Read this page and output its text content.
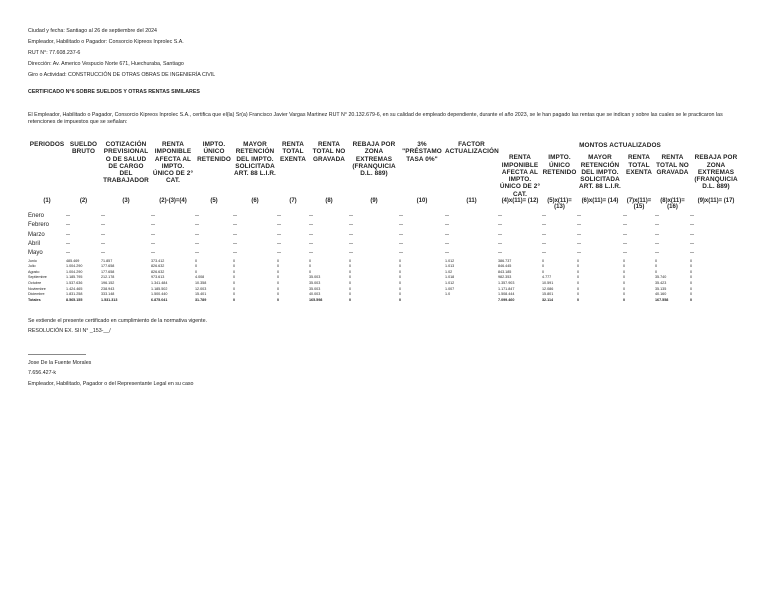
Ciudad y fecha: Santiago al 26 de septiembre del 2024
Empleador, Habilitado o Pagador: Consorcio Kipreos Inprolec S.A.
RUT N°: 77.608.237-6
Dirección: Av. Americo Vespucio Norte 671, Huechuraba, Santiago
Giro o Actividad: CONSTRUCCIÓN DE OTRAS OBRAS DE INGENIERÍA CIVIL
CERTIFICADO N°6 SOBRE SUELDOS Y OTRAS RENTAS SIMILARES
El Empleador, Habilitado o Pagador, Consorcio Kipreos Inprolec S.A., certifica que el(la) Sr(a) Francisco Javier Vargas Martinez RUT N° 20.132.679-6, en su calidad de empleado dependiente, durante el año 2023, se le han pagado las rentas que se indican y sobre las cuales se le practicaron las retenciones de impuestos que se señalan:
PERIODOS	SUELDO BRUTO	COTIZACIÓN PREVISIONAL O DE SALUD DE CARGO DEL TRABAJADOR	RENTA IMPONIBLE AFECTA AL IMPTO. ÚNICO DE 2° CAT.	IMPTO. ÚNICO RETENIDO	MAYOR RETENCIÓN DEL IMPTO. SOLICITADA ART. 88 L.I.R.	RENTA TOTAL EXENTA	RENTA TOTAL NO GRAVADA	REBAJA POR ZONA EXTREMAS (FRANQUICIA D.L. 889)	3% "PRÉSTAMO TASA 0%"	FACTOR ACTUALIZACIÓN	MONTOS ACTUALIZADOS					
											RENTA IMPONIBLE AFECTA AL IMPTO. ÚNICO DE 2° CAT.	IMPTO. ÚNICO RETENIDO	MAYOR RETENCIÓN DEL IMPTO. SOLICITADA ART. 88 L.I.R.	RENTA TOTAL EXENTA	RENTA TOTAL NO GRAVADA	REBAJA POR ZONA EXTREMAS (FRANQUICIA D.L. 889)
(1)	(2)	(3)	(2)-(3)=(4)	(5)	(6)	(7)	(8)	(9)	(10)	(11)	(4)x(11)= (12)	(5)x(11)= (13)	(6)x(11)= (14)	(7)x(11)= (15)	(8)x(11)= (16)	(9)x(11)= (17)
Enero	--	--	--	--	--	--	--	--	--	--	--	--	--	--	--	--
Febrero	--	--	--	--	--	--	--	--	--	--	--	--	--	--	--	--
Marzo	--	--	--	--	--	--	--	--	--	--	--	--	--	--	--	--
Abril	--	--	--	--	--	--	--	--	--	--	--	--	--	--	--	--
Mayo	--	--	--	--	--	--	--	--	--	--	--	--	--	--	--	--
Junio	485.469	71.857	373.412	0	0	0	0	0	0	1.012	386.737	0	0	0	0	0
Julio	1.004.290	177.658	826.632	0	0	0	0	0	0	1.013	846.445	0	0	0	0	0
Agosto	1.004.290	177.658	826.632	0	0	0	0	0	0	1.02	843.185	0	0	0	0	0
Septiembre	1.185.795	212.178	973.613	4.008	0	0	35.003	0	0	1.018	982.353	4.777	0	0	35.740	0
Octubre	1.537.636	196.152	1.341.484	10.358	0	0	35.003	0	0	1.012	1.357.903	10.591	0	0	35.423	0
Noviembre	1.424.465	238.943	1.185.502	12.003	0	0	35.003	0	0	1.007	1.171.847	12.086	0	0	35.135	0
Diciembre	1.831.258	333.148	1.500.440	15.401	0	0	40.003	0	0	1.0	1.508.444	15.801	0	0	40.160	0
Totales	8.565.155	1.531.313	6.875.041	31.789	0	0	165.598	0	0		7.099.460	32.114	0	0	167.558	0
Se extiende el presente certificado en cumplimiento de la normativa vigente.
RESOLUCIÓN EX. SII N° _153-__/
Jose De la Fuente Morales
7.656.427-k
Empleador, Habilitado, Pagador o del Representante Legal en su caso
